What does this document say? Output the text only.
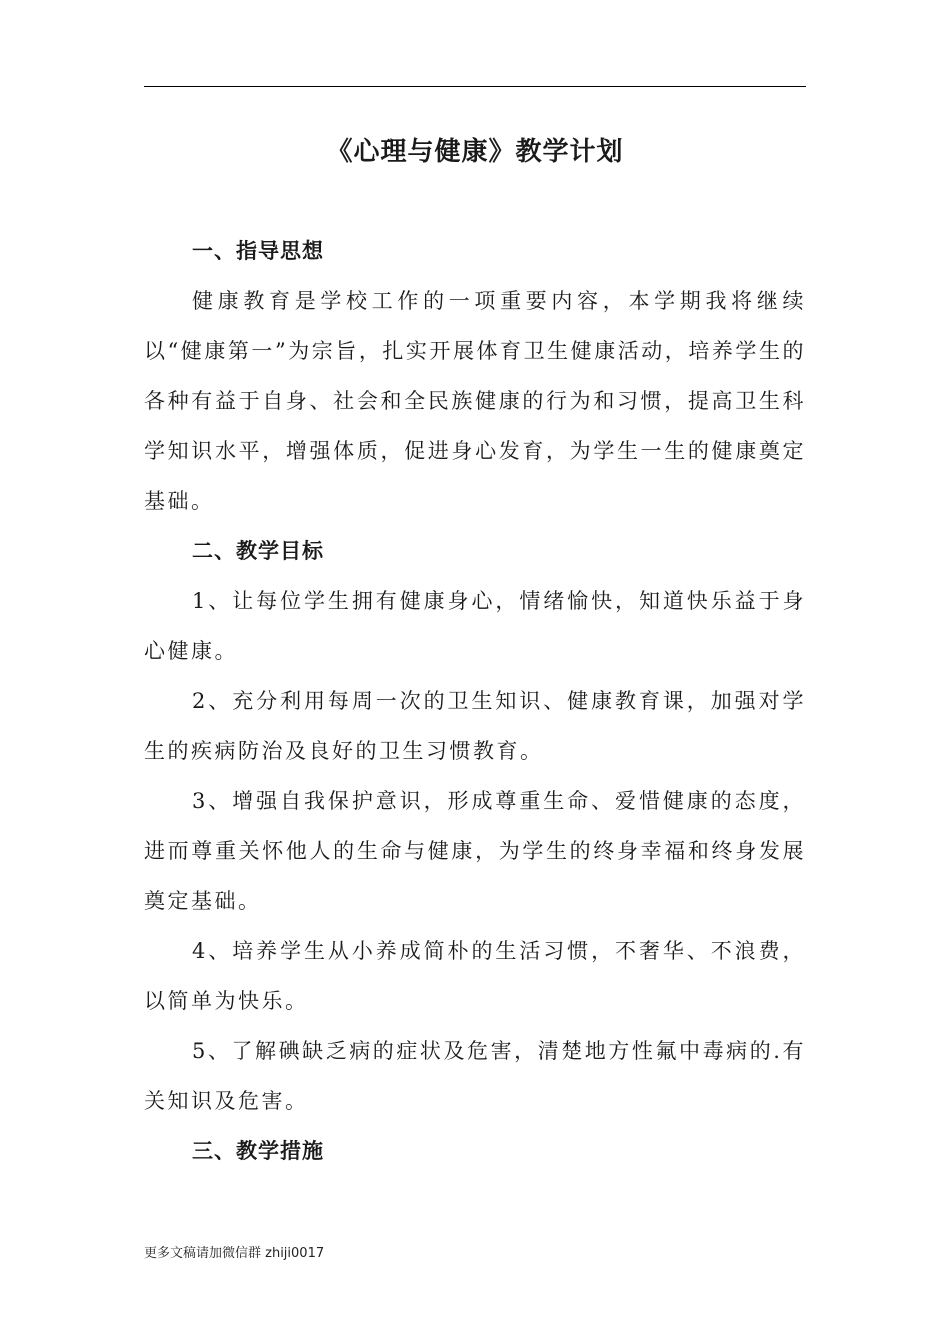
《心理与健康》教学计划
一、指导思想

健康教育是学校工作的一项重要内容，本学期我将继续以“健康第一”为宗旨，扎实开展体育卫生健康活动，培养学生的各种有益于自身、社会和全民族健康的行为和习惯，提高卫生科学知识水平，增强体质，促进身心发育，为学生一生的健康奠定基础。

二、教学目标

1、让每位学生拥有健康身心，情绪愉快，知道快乐益于身心健康。

2、充分利用每周一次的卫生知识、健康教育课，加强对学生的疾病防治及良好的卫生习惯教育。

3、增强自我保护意识，形成尊重生命、爱惜健康的态度，进而尊重关怀他人的生命与健康，为学生的终身幸福和终身发展奠定基础。

4、培养学生从小养成简朴的生活习惯，不奢华、不浪费，以简单为快乐。

5、了解碘缺乏病的症状及危害，清楚地方性氟中毒病的.有关知识及危害。

三、教学措施
更多文稿请加微信群 zhiji0017
